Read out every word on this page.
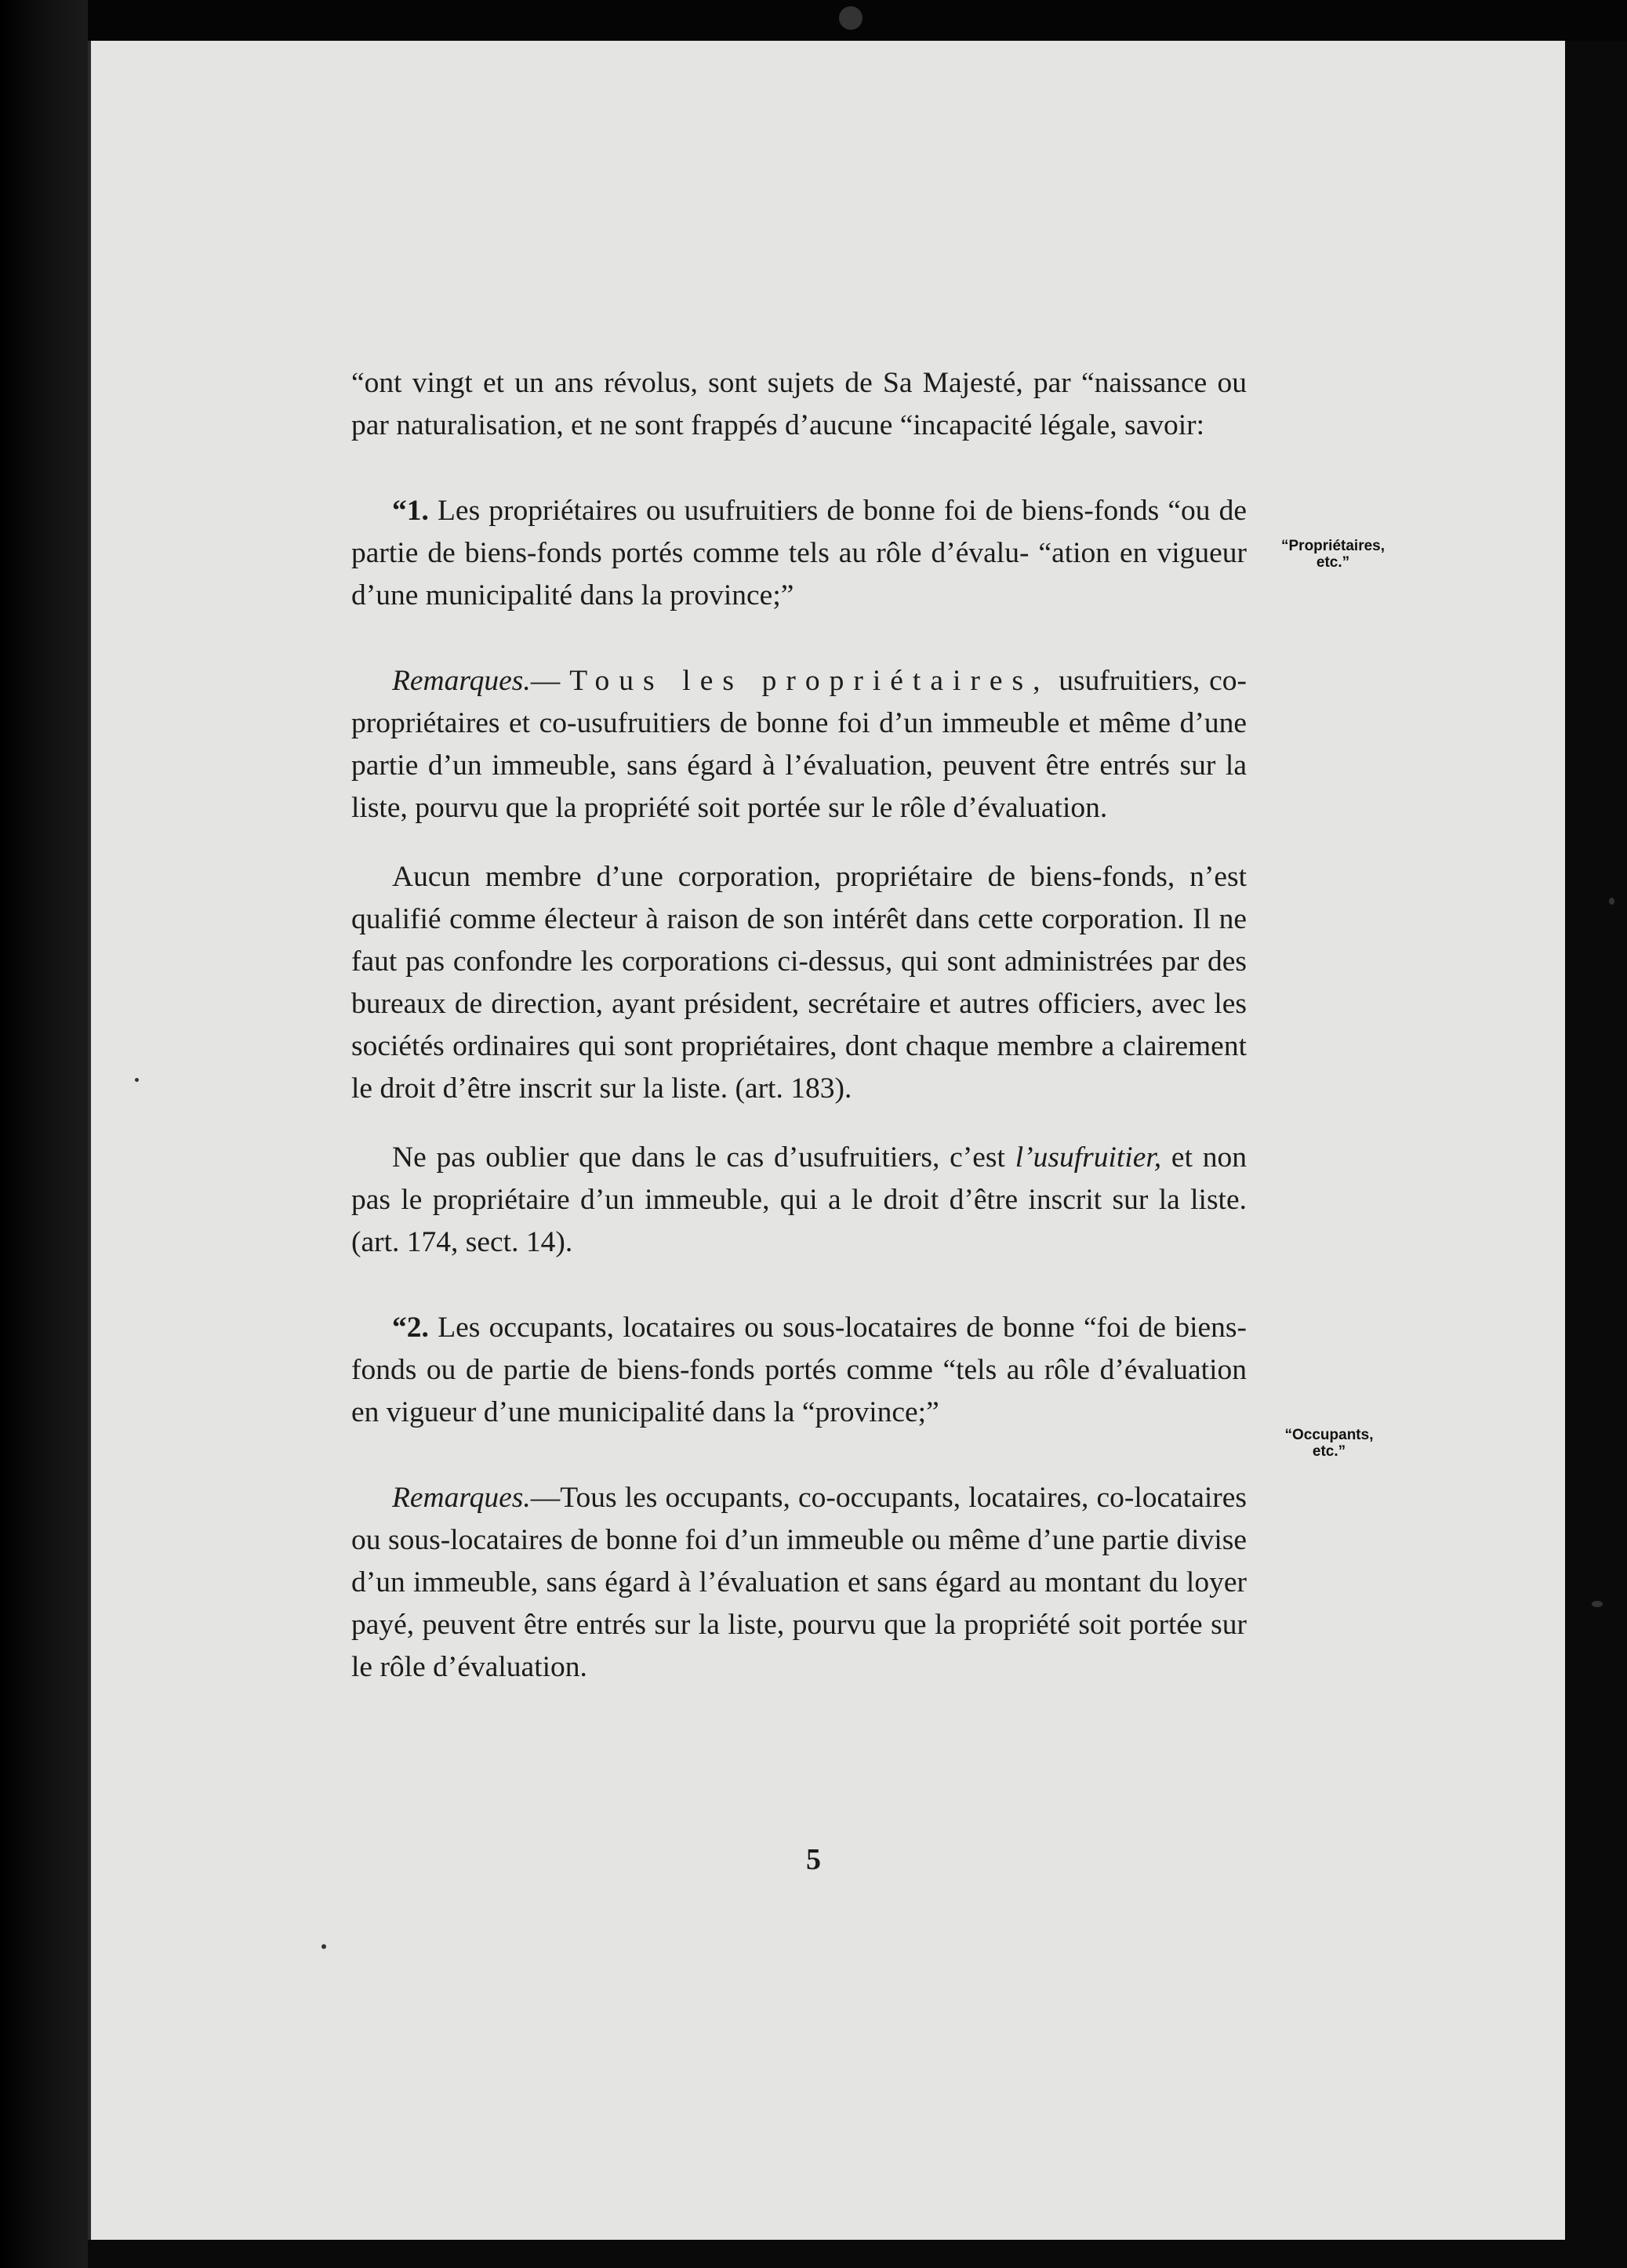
“ont vingt et un ans révolus, sont sujets de Sa Majesté, par “naissance ou par naturalisation, et ne sont frappés d’aucune “incapacité légale, savoir:

“1. Les propriétaires ou usufruitiers de bonne foi de biens-fonds “ou de partie de biens-fonds portés comme tels au rôle d’évalu- “ation en vigueur d’une municipalité dans la province;”

Remarques.—Tous les propriétaires, usufruitiers, co-propriétaires et co-usufruitiers de bonne foi d’un immeuble et même d’une partie d’un immeuble, sans égard à l’évaluation, peuvent être entrés sur la liste, pourvu que la propriété soit portée sur le rôle d’évaluation.

Aucun membre d’une corporation, propriétaire de biens-fonds, n’est qualifié comme électeur à raison de son intérêt dans cette corporation. Il ne faut pas confondre les corporations ci-dessus, qui sont administrées par des bureaux de direction, ayant président, secrétaire et autres officiers, avec les sociétés ordinaires qui sont propriétaires, dont chaque membre a clairement le droit d’être inscrit sur la liste. (art. 183).

Ne pas oublier que dans le cas d’usufruitiers, c’est l’usufruitier, et non pas le propriétaire d’un immeuble, qui a le droit d’être inscrit sur la liste. (art. 174, sect. 14).

“2. Les occupants, locataires ou sous-locataires de bonne “foi de biens-fonds ou de partie de biens-fonds portés comme “tels au rôle d’évaluation en vigueur d’une municipalité dans la “province;”

Remarques.—Tous les occupants, co-occupants, locataires, co-locataires ou sous-locataires de bonne foi d’un immeuble ou même d’une partie divise d’un immeuble, sans égard à l’évaluation et sans égard au montant du loyer payé, peuvent être entrés sur la liste, pourvu que la propriété soit portée sur le rôle d’évaluation.

“Propriétaires,
etc.”
“Occupants,
etc.”
5
